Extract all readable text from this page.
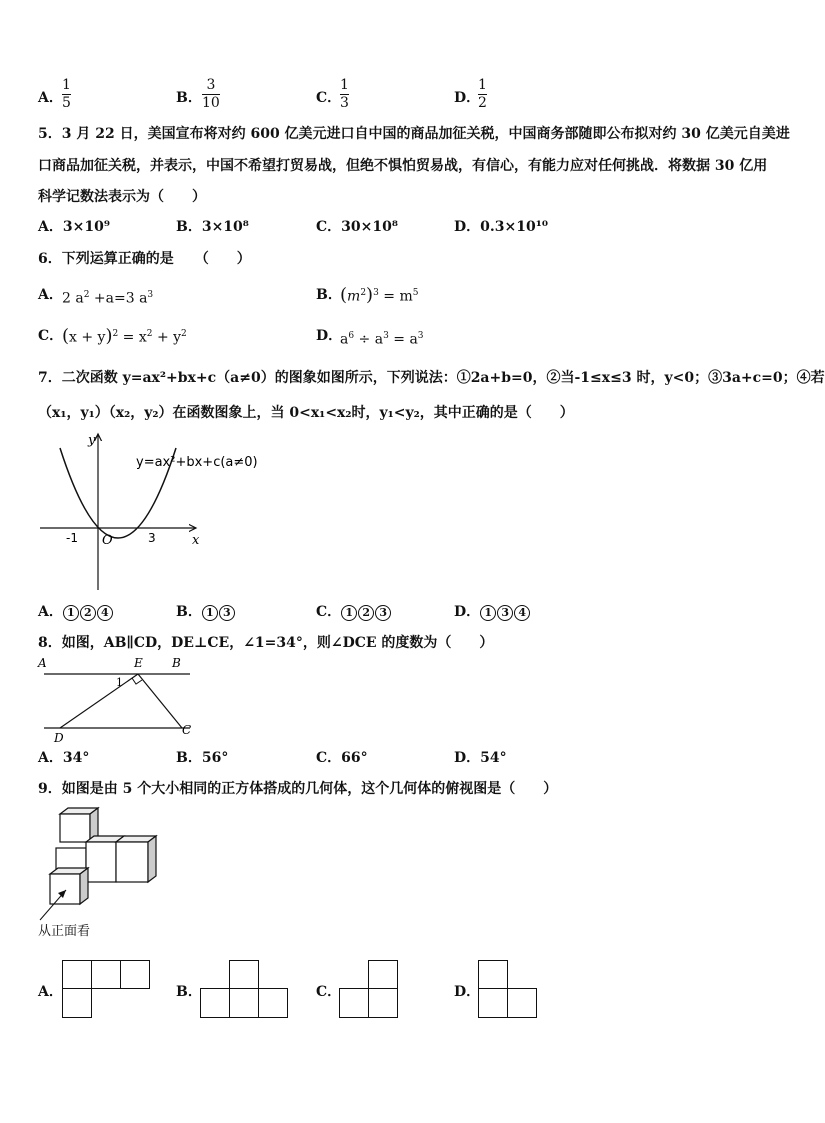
A．
1
5	B．
3
10	C．
1
3	D．
1
2
5．3 月 22 日，美国宣布将对约 600 亿美元进口自中国的商品加征关税，中国商务部随即公布拟对约 30 亿美元自美进
口商品加征关税，并表示，中国不希望打贸易战，但绝不惧怕贸易战，有信心，有能力应对任何挑战．将数据 30 亿用
科学记数法表示为（　　）
A．3×10⁹	B．3×10⁸	C．30×10⁸	D．0.3×10¹⁰
6．下列运算正确的是　　（　　）
A． 2 $a^2 +a=3$ $a^3$	B．
$(m^2)^3 = m^5$
C．
$(x + y)^2 = x^2 + y^2$	D．
$a^6 \div a^3 = a^3$
7．二次函数 y=ax²+bx+c（a≠0）的图象如图所示，下列说法：①2a+b=0，②当-1≤x≤3 时，y<0；③3a+c=0；④若
（x₁，y₁）（x₂，y₂）在函数图象上，当 0<x₁<x₂时，y₁<y₂，其中正确的是（　　）
y=ax²+bx+c(a≠0)
y
x
O
-1	3
A． 1 2 4	B． 1 3	C． 1 2 3	D． 1 3 4
8．如图，AB∥CD，DE⊥CE，∠1=34°，则∠DCE 的度数为（　　）
A	E B
D
C
1
A．34°	B．56°	C．66°	D．54°
9．如图是由 5 个大小相同的正方体搭成的几何体，这个几何体的俯视图是（　　）
从正面看
A．	B．	C．	D．
